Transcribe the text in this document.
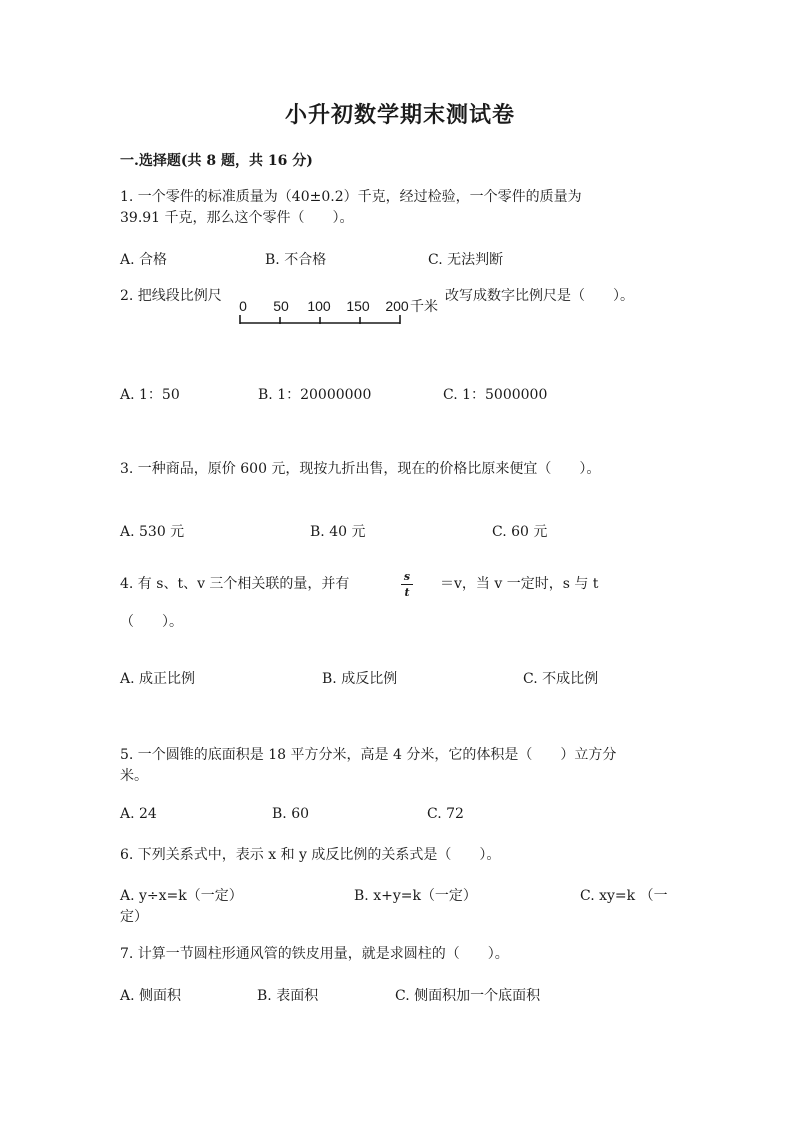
小升初数学期末测试卷
一.选择题(共 8 题，共 16 分)
1. 一个零件的标准质量为（40±0.2）千克，经过检验，一个零件的质量为
39.91 千克，那么这个零件（　　）。
A. 合格	B. 不合格	C. 无法判断
2. 把线段比例尺
0 50 100 150 200 千米
改写成数字比例尺是（　　）。
A. 1：50	B. 1：20000000	C. 1：5000000
3. 一种商品，原价 600 元，现按九折出售，现在的价格比原来便宜（　　）。
A. 530 元	B. 40 元	C. 60 元
4. 有 s、t、v 三个相关联的量，并有	s
t
＝v，当 v 一定时，s 与 t
（　　）。
A. 成正比例	B. 成反比例	C. 不成比例
5. 一个圆锥的底面积是 18 平方分米，高是 4 分米，它的体积是（　　）立方分
米。
A. 24	B. 60	C. 72
6. 下列关系式中，表示 x 和 y 成反比例的关系式是（　　）。
A. y÷x=k（一定）	B. x+y=k（一定）	C. xy=k （一
定）
7. 计算一节圆柱形通风管的铁皮用量，就是求圆柱的（　　）。
A. 侧面积	B. 表面积	C. 侧面积加一个底面积
